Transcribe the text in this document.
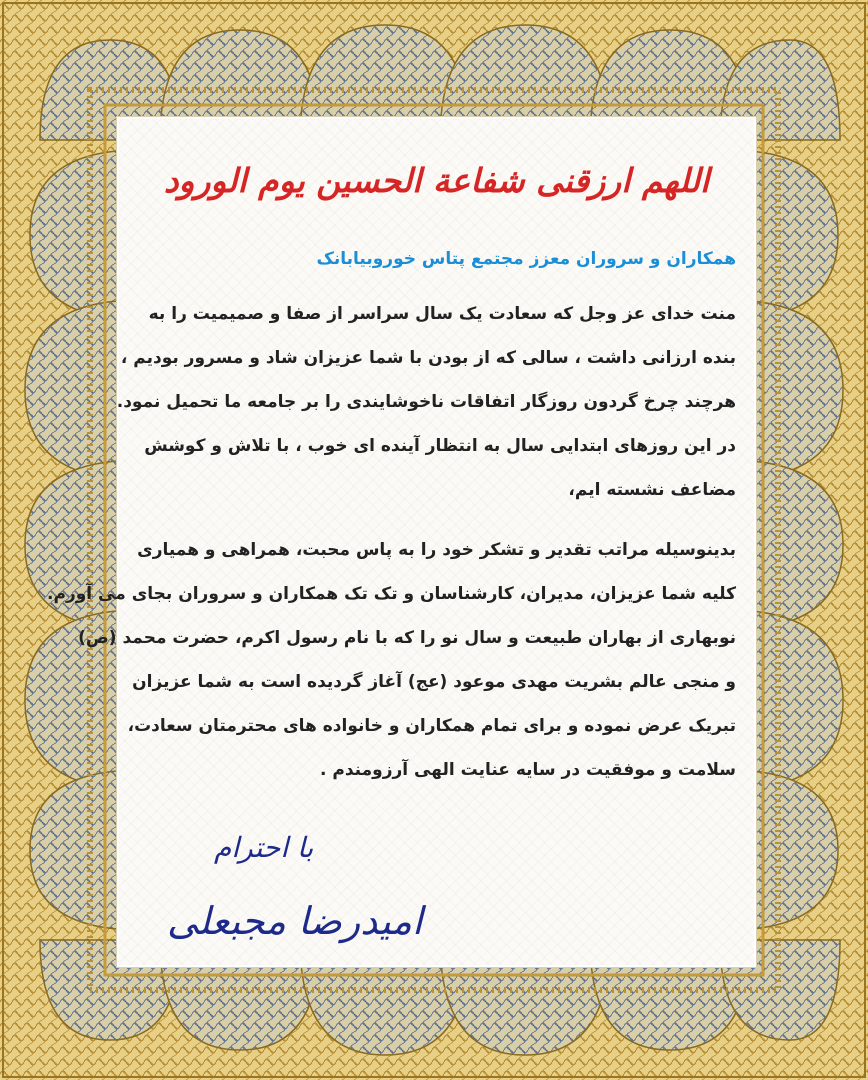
اللهم ارزقنی شفاعة الحسین یوم الورود
همکاران و سروران معزز مجتمع پتاس خوروبیابانک
منت خدای عز وجل که سعادت یک سال سراسر از صفا و صمیمیت را به
بنده ارزانی داشت ، سالی که از بودن با شما عزیزان شاد و مسرور بودیم ،
هرچند چرخ گردون روزگار اتفاقات ناخوشایندی را بر جامعه ما تحمیل نمود.
در این روزهای ابتدایی سال به انتظار آینده ای خوب ، با تلاش و کوشش
مضاعف نشسته ایم،
بدینوسیله مراتب تقدیر و تشکر خود را به پاس محبت، همراهی و همیاری
کلیه شما عزیزان، مدیران، کارشناسان و تک تک همکاران و سروران بجای می آورم.
نوبهاری از بهاران طبیعت و سال نو را که با نام رسول اکرم، حضرت محمد (ص)
و منجی عالم بشریت مهدی موعود (عج) آغاز گردیده است به شما عزیزان
تبریک عرض نموده و برای تمام همکاران و خانواده های محترمتان سعادت،
سلامت و موفقیت در سایه عنایت الهی آرزومندم .
با احترام
امیدرضا مجبعلی
